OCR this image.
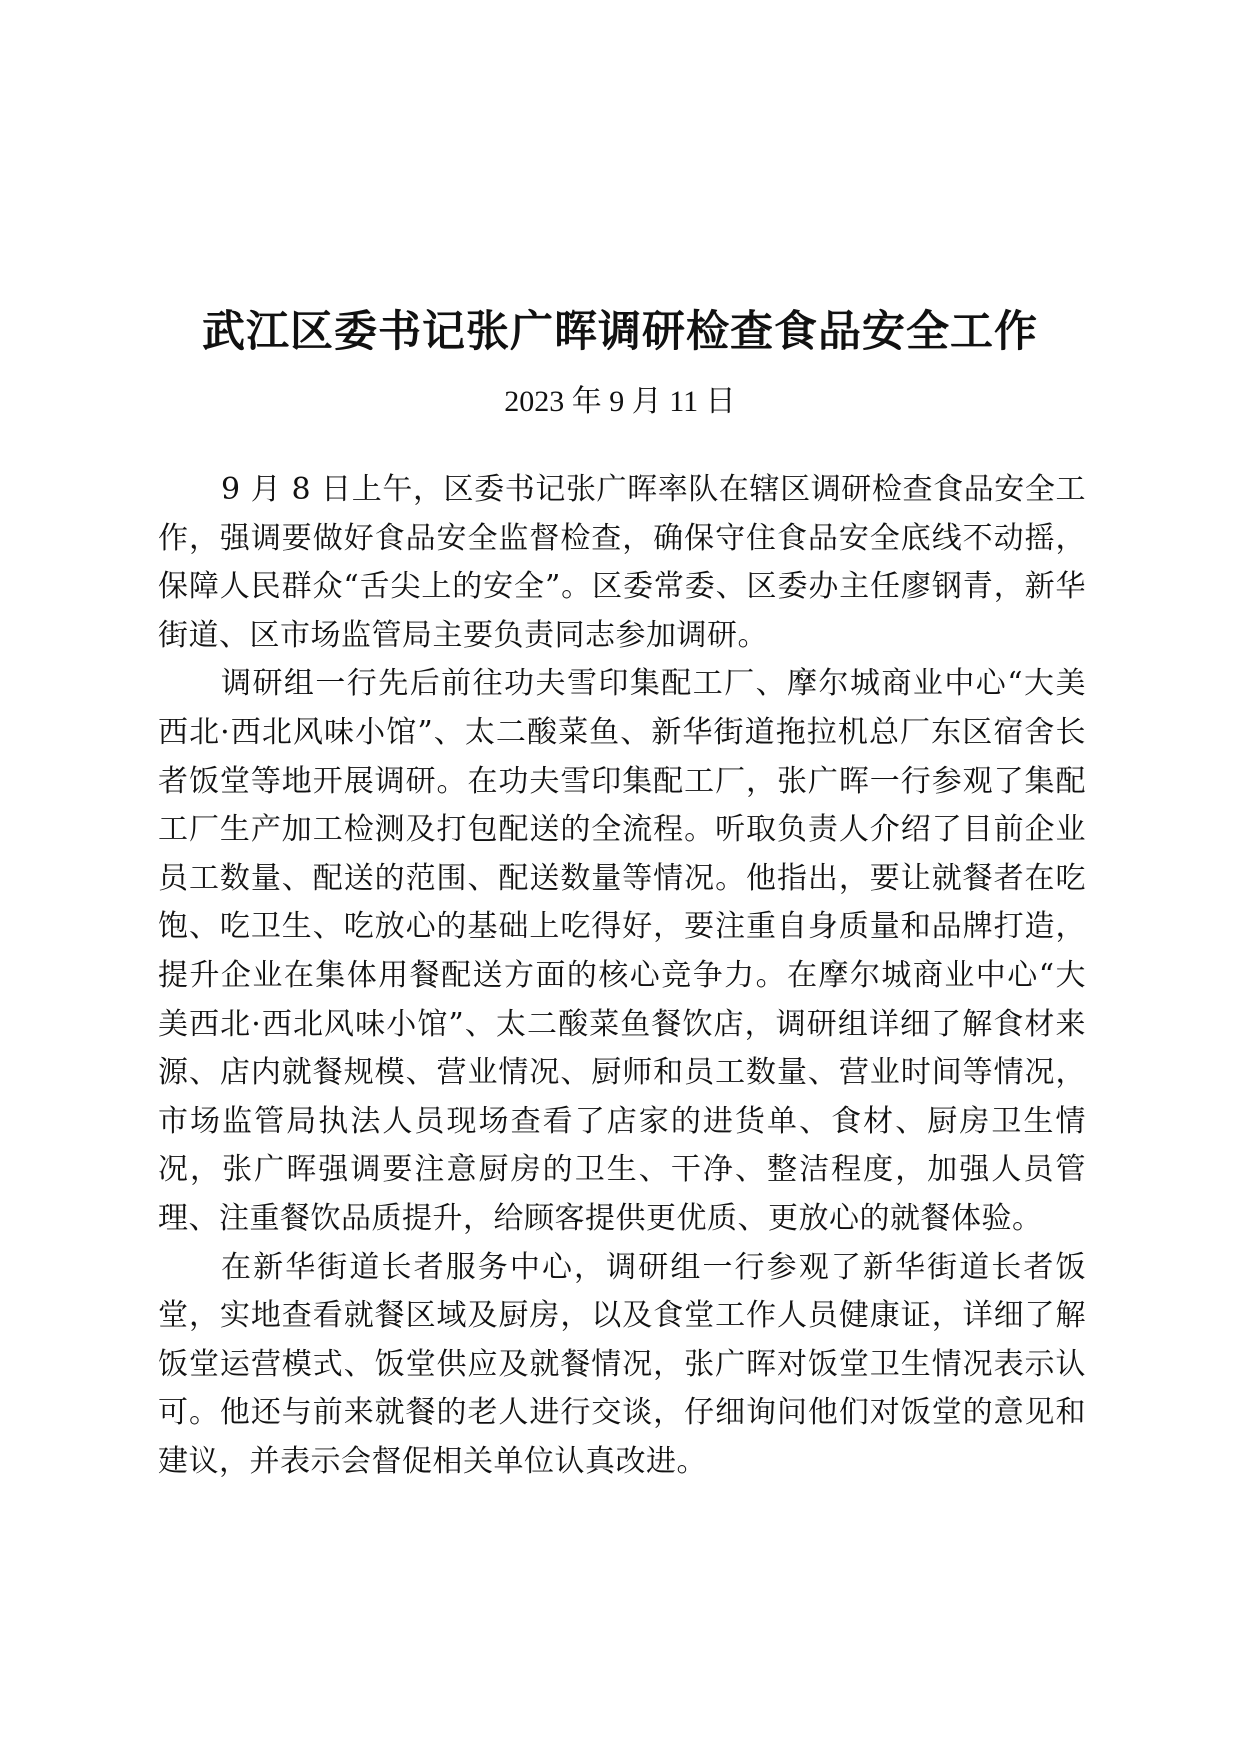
武江区委书记张广晖调研检查食品安全工作
2023 年 9 月 11 日

9 月 8 日上午，区委书记张广晖率队在辖区调研检查食品安全工作，强调要做好食品安全监督检查，确保守住食品安全底线不动摇，保障人民群众“舌尖上的安全”。区委常委、区委办主任廖钢青，新华街道、区市场监管局主要负责同志参加调研。

调研组一行先后前往功夫雪印集配工厂、摩尔城商业中心“大美西北·西北风味小馆”、太二酸菜鱼、新华街道拖拉机总厂东区宿舍长者饭堂等地开展调研。在功夫雪印集配工厂，张广晖一行参观了集配工厂生产加工检测及打包配送的全流程。听取负责人介绍了目前企业员工数量、配送的范围、配送数量等情况。他指出，要让就餐者在吃饱、吃卫生、吃放心的基础上吃得好，要注重自身质量和品牌打造，提升企业在集体用餐配送方面的核心竞争力。在摩尔城商业中心“大美西北·西北风味小馆”、太二酸菜鱼餐饮店，调研组详细了解食材来源、店内就餐规模、营业情况、厨师和员工数量、营业时间等情况，市场监管局执法人员现场查看了店家的进货单、食材、厨房卫生情况，张广晖强调要注意厨房的卫生、干净、整洁程度，加强人员管理、注重餐饮品质提升，给顾客提供更优质、更放心的就餐体验。

在新华街道长者服务中心，调研组一行参观了新华街道长者饭堂，实地查看就餐区域及厨房，以及食堂工作人员健康证，详细了解饭堂运营模式、饭堂供应及就餐情况，张广晖对饭堂卫生情况表示认可。他还与前来就餐的老人进行交谈，仔细询问他们对饭堂的意见和建议，并表示会督促相关单位认真改进。
